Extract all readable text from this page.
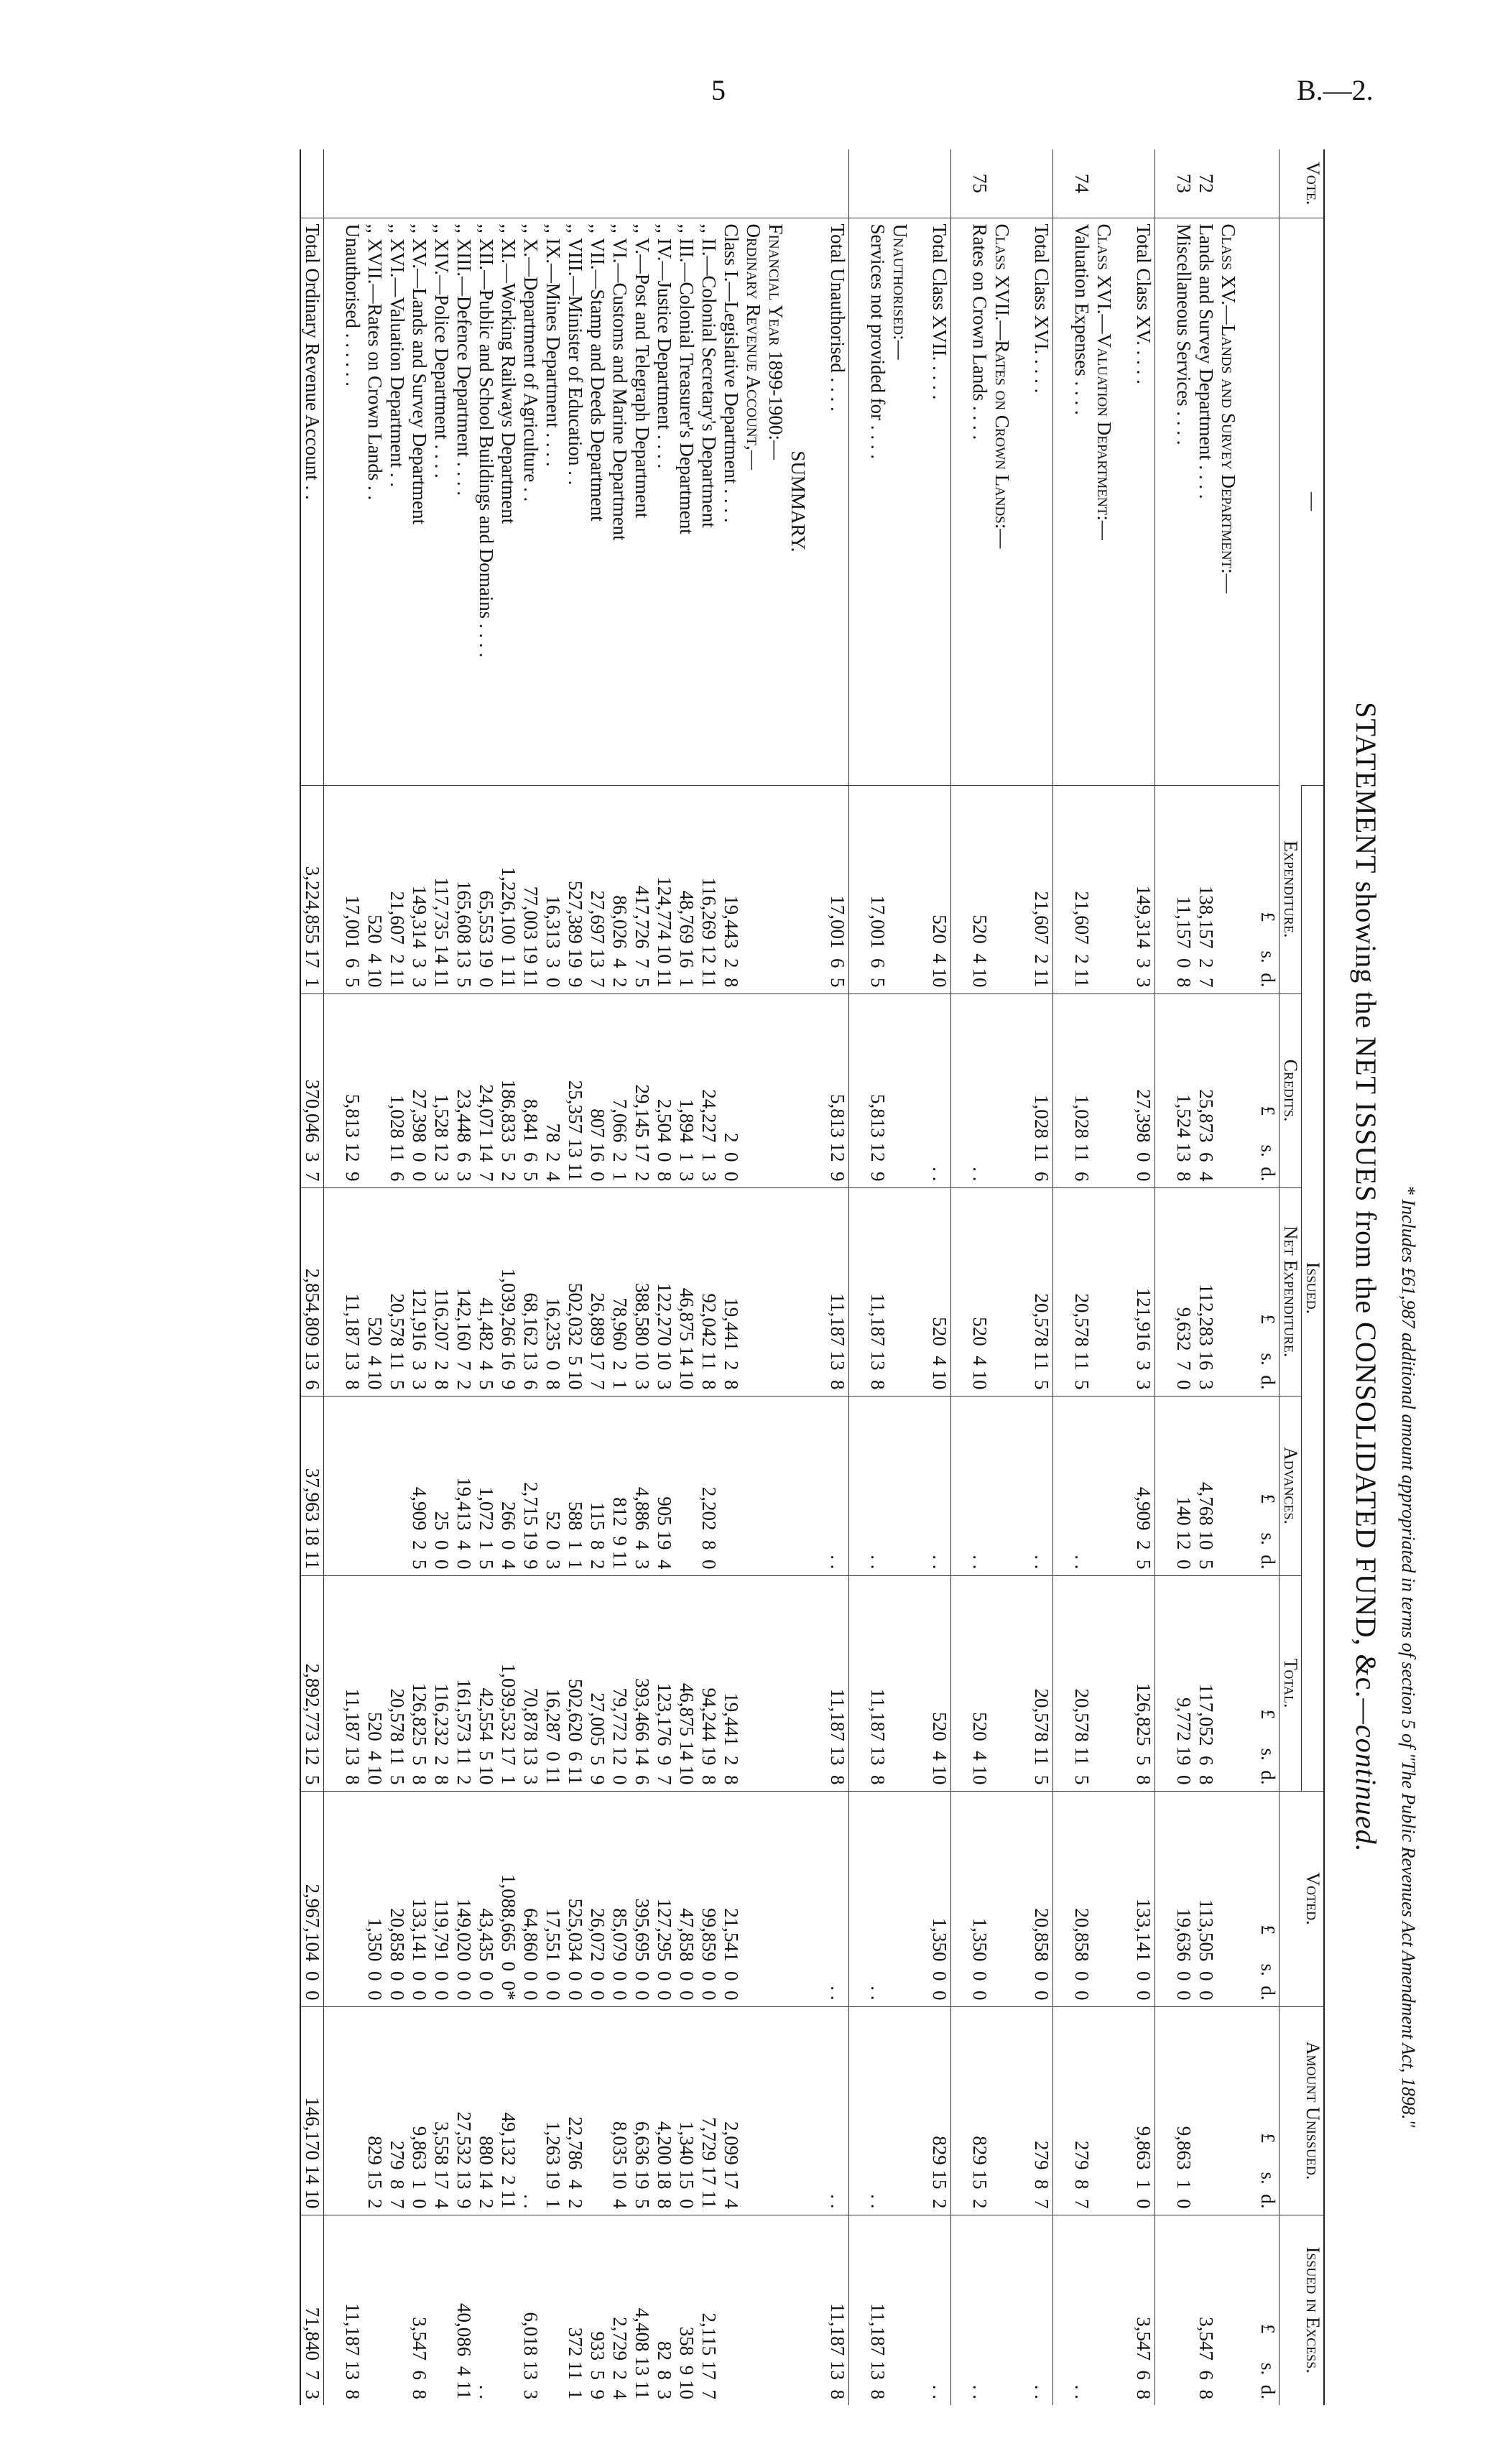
5	B.—2.
STATEMENT showing the NET ISSUES from the CONSOLIDATED FUND, &c.—continued.
Vote.	—	Issued.					Voted.	Amount Unissued.	Issued in Excess.
		Expenditure.	Credits.	Net Expenditure.	Advances.	Total.			
		£      s.  d.	£      s.  d.	£      s.  d.	£      s.  d.	£      s.  d.	£      s.  d.	£      s.  d.	£      s.  d.

	Class XV.—Lands and Survey Department:—								
72	Lands and Survey Department . . . .	138,157  2  7	25,873  6  4	112,283 16  3	4,768 10  5	117,052  6  8	113,505  0  0		3,547  6  8
73	Miscellaneous Services . . . .	11,157  0  8	1,524 13  8	9,632  7  0	140 12  0	9,772 19  0	19,636  0  0	9,863  1  0	

	Total Class XV. . . . .	149,314  3  3	27,398  0  0	121,916  3  3	4,909  2  5	126,825  5  8	133,141  0  0	9,863  1  0	3,547  6  8

	Class XVI.—Valuation Department:—								
74	Valuation Expenses . . . .	21,607  2 11	1,028 11  6	20,578 11  5	. .	20,578 11  5	20,858  0  0	279  8  7	. .

	Total Class XVI. . . . .	21,607  2 11	1,028 11  6	20,578 11  5	. .	20,578 11  5	20,858  0  0	279  8  7	. .

	Class XVII.—Rates on Crown Lands:—								
75	Rates on Crown Lands . . . .	520  4 10	. .	520  4 10	. .	520  4 10	1,350  0  0	829 15  2	. .

	Total Class XVII. . . . .	520  4 10	. .	520  4 10	. .	520  4 10	1,350  0  0	829 15  2	. .

	Unauthorised:—								
	Services not provided for . . . .	17,001  6  5	5,813 12  9	11,187 13  8	. .	11,187 13  8	. .	. .	11,187 13  8

	Total Unauthorised . . . .	17,001  6  5	5,813 12  9	11,187 13  8	. .	11,187 13  8	. .	. .	11,187 13  8

	SUMMARY.								
	Financial Year 1899-1900:—								
	Ordinary Revenue Account,—								
	Class I.—Legislative Department . . . .	19,443  2  8	2  0  0	19,441  2  8		19,441  2  8	21,541  0  0	2,099 17  4	
	,, II.—Colonial Secretary's Department	116,269 12 11	24,227  1  3	92,042 11  8	2,202  8  0	94,244 19  8	99,859  0  0	7,729 17 11	2,115 17  7
	,, III.—Colonial Treasurer's Department	48,769 16  1	1,894  1  3	46,875 14 10		46,875 14 10	47,858  0  0	1,340 15  0	358  9 10
	,, IV.—Justice Department . . . .	124,774 10 11	2,504  0  8	122,270 10  3	905 19  4	123,176  9  7	127,295  0  0	4,200 18  8	82  8  3
	,, V.—Post and Telegraph Department	417,726  7  5	29,145 17  2	388,580 10  3	4,886  4  3	393,466 14  6	395,695  0  0	6,636 19  5	4,408 13 11
	,, VI.—Customs and Marine Department	86,026  4  2	7,066  2  1	78,960  2  1	812  9 11	79,772 12  0	85,079  0  0	8,035 10  4	2,729  2  4
	,, VII.—Stamp and Deeds Department	27,697 13  7	807 16  0	26,889 17  7	115  8  2	27,005  5  9	26,072  0  0		933  5  9
	,, VIII.—Minister of Education . .	527,389 19  9	25,357 13 11	502,032  5 10	588  1  1	502,620  6 11	525,034  0  0	22,786  4  2	372 11  1
	,, IX.—Mines Department . . . .	16,313  3  0	78  2  4	16,235  0  8	52  0  3	16,287  0 11	17,551  0  0	1,263 19  1	
	,, X.—Department of Agriculture . .	77,003 19 11	8,841  6  5	68,162 13  6	2,715 19  9	70,878 13  3	64,860  0  0	. .	6,018 13  3
	,, XI.—Working Railways Department	1,226,100  1 11	186,833  5  2	1,039,266 16  9	266  0  4	1,039,532 17  1	1,088,665  0  0*	49,132  2 11	
	,, XII.—Public and School Buildings and Domains . . . .	65,553 19  0	24,071 14  7	41,482  4  5	1,072  1  5	42,554  5 10	43,435  0  0	880 14  2	. .
	,, XIII.—Defence Department . . . .	165,608 13  5	23,448  6  3	142,160  7  2	19,413  4  0	161,573 11  2	149,020  0  0	27,532 13  9	40,086  4 11
	,, XIV.—Police Department . . . .	117,735 14 11	1,528 12  3	116,207  2  8	25  0  0	116,232  2  8	119,791  0  0	3,558 17  4	
	,, XV.—Lands and Survey Department	149,314  3  3	27,398  0  0	121,916  3  3	4,909  2  5	126,825  5  8	133,141  0  0	9,863  1  0	3,547  6  8
	,, XVI.—Valuation Department . .	21,607  2 11	1,028 11  6	20,578 11  5		20,578 11  5	20,858  0  0	279  8  7	
	,, XVII.—Rates on Crown Lands . .	520  4 10		520  4 10		520  4 10	1,350  0  0	829 15  2	
	Unauthorised . . . . . .	17,001  6  5	5,813 12  9	11,187 13  8		11,187 13  8			11,187 13  8

	Total Ordinary Revenue Account . .	3,224,855 17  1	370,046  3  7	2,854,809 13  6	37,963 18 11	2,892,773 12  5	2,967,104  0  0	146,170 14 10	71,840  7  3
* Includes £61,987 additional amount appropriated in terms of section 5 of "The Public Revenues Act Amendment Act, 1898."
